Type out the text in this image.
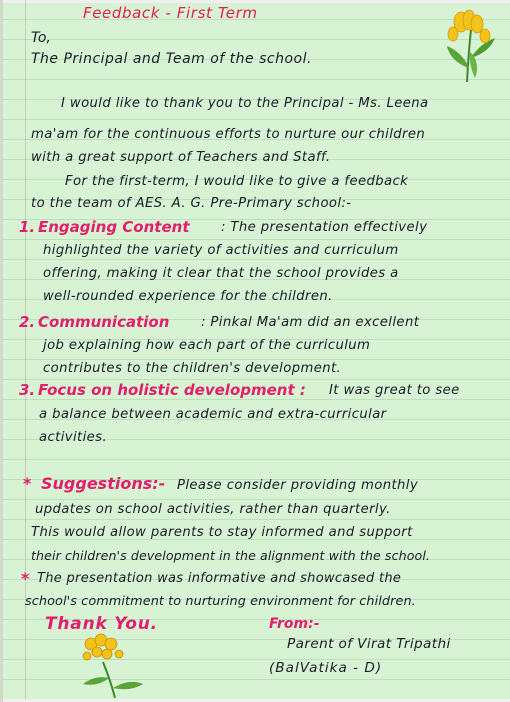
Feedback - First Term
To,
The Principal and Team of the school.
I would like to thank you to the Principal - Ms. Leena
ma'am for the continuous efforts to nurture our children
with a great support of Teachers and Staff.
For the first-term, I would like to give a feedback
to the team of AES. A. G. Pre-Primary school:-
1. Engaging Content : The presentation effectively
highlighted the variety of activities and curriculum
offering, making it clear that the school provides a
well-rounded experience for the children.
2. Communication : Pinkal Ma'am did an excellent
job explaining how each part of the curriculum
contributes to the children's development.
3. Focus on holistic development : It was great to see
a balance between academic and extra-curricular
activities.
* Suggestions:- Please consider providing monthly
updates on school activities, rather than quarterly.
This would allow parents to stay informed and support
their children's development in the alignment with the school.
* The presentation was informative and showcased the
school's commitment to nurturing environment for children.
Thank You.	From:-
Parent of Virat Tripathi
(BalVatika - D)
